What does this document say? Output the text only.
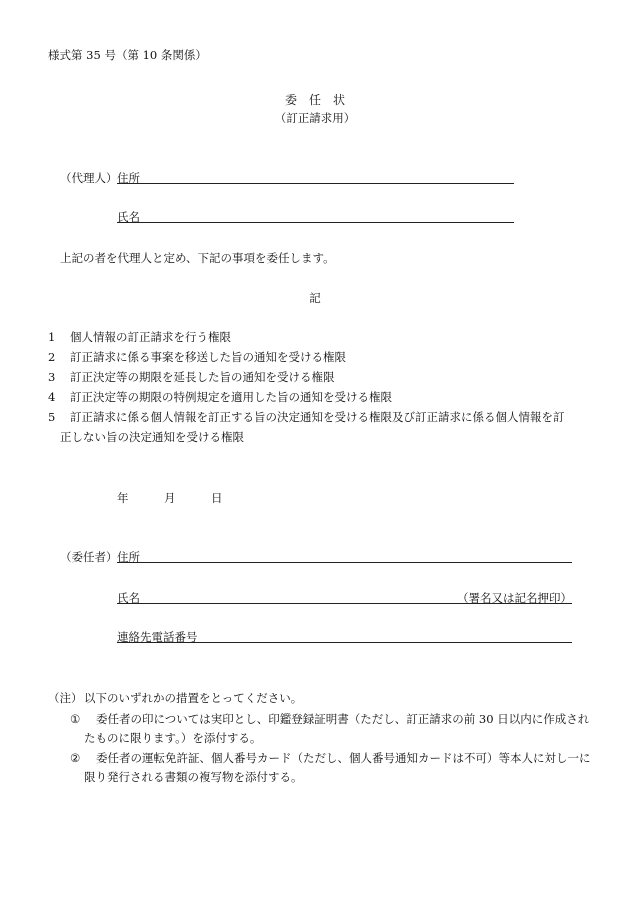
様式第 35 号（第 10 条関係）
委　任　状
（訂正請求用）
（代理人） 住所
氏名
上記の者を代理人と定め、下記の事項を委任します。
記
1 個人情報の訂正請求を行う権限
2 訂正請求に係る事案を移送した旨の通知を受ける権限
3 訂正決定等の期限を延長した旨の通知を受ける権限
4 訂正決定等の期限の特例規定を適用した旨の通知を受ける権限
5 訂正請求に係る個人情報を訂正する旨の決定通知を受ける権限及び訂正請求に係る個人情報を訂
正しない旨の決定通知を受ける権限
年	月	日
（委任者） 住所
氏名	（署名又は記名押印）
連絡先電話番号
（注） 以下のいずれかの措置をとってください。
① 委任者の印については実印とし、印鑑登録証明書（ただし、訂正請求の前 30 日以内に作成され
たものに限ります。）を添付する。
② 委任者の運転免許証、個人番号カード（ただし、個人番号通知カードは不可）等本人に対し一に
限り発行される書類の複写物を添付する。
